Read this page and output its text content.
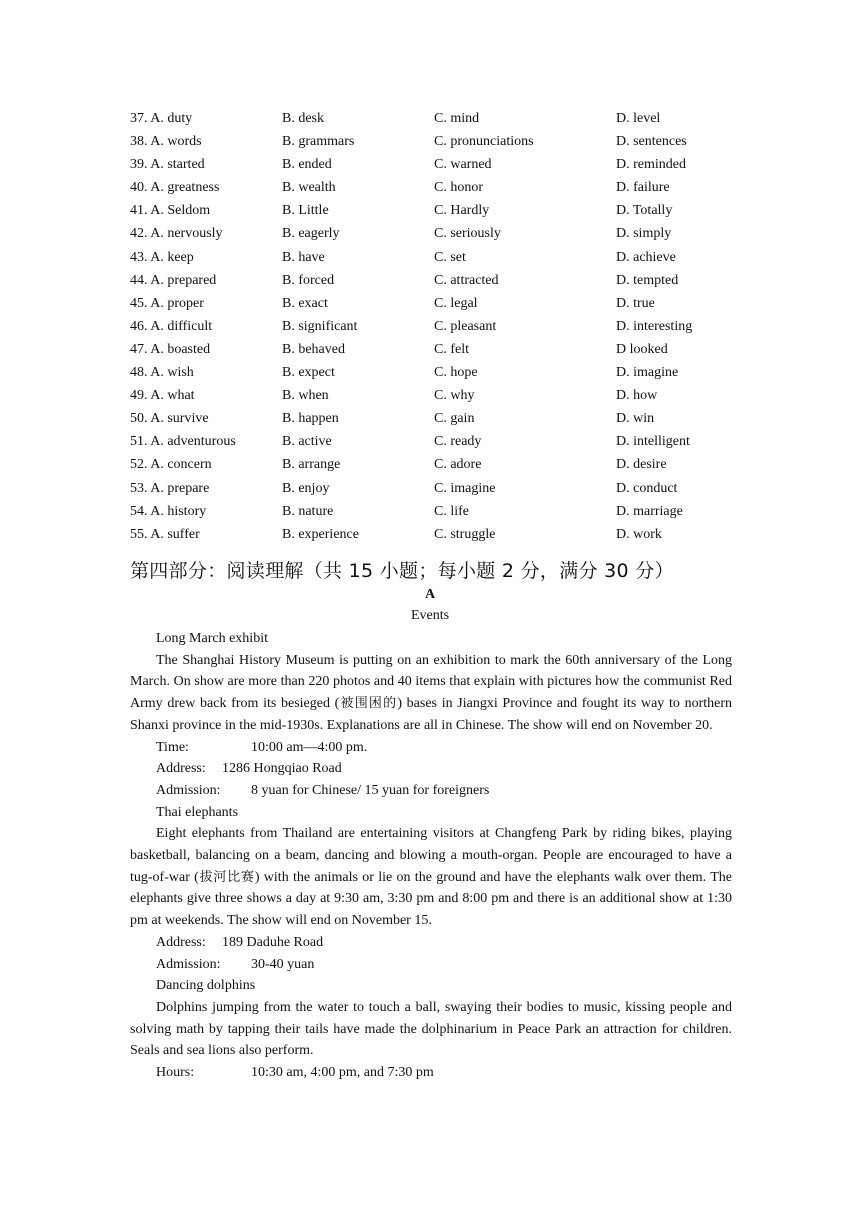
37. A. duty	B. desk	C. mind	D. level
38. A. words	B. grammars	C. pronunciations	D. sentences
39. A. started	B. ended	C. warned	D. reminded
40. A. greatness	B. wealth	C. honor	D. failure
41. A. Seldom	B. Little	C. Hardly	D. Totally
42. A. nervously	B. eagerly	C. seriously	D. simply
43. A. keep	B. have	C. set	D. achieve
44. A. prepared	B. forced	C. attracted	D. tempted
45. A. proper	B. exact	C. legal	D. true
46. A. difficult	B. significant	C. pleasant	D. interesting
47. A. boasted	B. behaved	C. felt	D looked
48. A. wish	B. expect	C. hope	D. imagine
49. A. what	B. when	C. why	D. how
50. A. survive	B. happen	C. gain	D. win
51. A. adventurous	B. active	C. ready	D. intelligent
52. A. concern	B. arrange	C. adore	D. desire
53. A. prepare	B. enjoy	C. imagine	D. conduct
54. A. history	B. nature	C. life	D. marriage
55. A. suffer	B. experience	C. struggle	D. work
第四部分：阅读理解（共 15 小题；每小题 2 分，满分 30 分）
A
Events

Long March exhibit

The Shanghai History Museum is putting on an exhibition to mark the 60th anniversary of the Long March. On show are more than 220 photos and 40 items that explain with pictures how the communist Red Army drew back from its besieged (被围困的) bases in Jiangxi Province and fought its way to northern Shanxi province in the mid-1930s. Explanations are all in Chinese. The show will end on November 20.

Time:	10:00 am—4:00 pm.

Address: 1286 Hongqiao Road

Admission: 8 yuan for Chinese/ 15 yuan for foreigners

Thai elephants

Eight elephants from Thailand are entertaining visitors at Changfeng Park by riding bikes, playing basketball, balancing on a beam, dancing and blowing a mouth-organ. People are encouraged to have a tug-of-war (拔河比赛) with the animals or lie on the ground and have the elephants walk over them. The elephants give three shows a day at 9:30 am, 3:30 pm and 8:00 pm and there is an additional show at 1:30 pm at weekends. The show will end on November 15.

Address: 189 Daduhe Road

Admission: 30-40 yuan

Dancing dolphins

Dolphins jumping from the water to touch a ball, swaying their bodies to music, kissing people and solving math by tapping their tails have made the dolphinarium in Peace Park an attraction for children. Seals and sea lions also perform.

Hours:	10:30 am, 4:00 pm, and 7:30 pm
